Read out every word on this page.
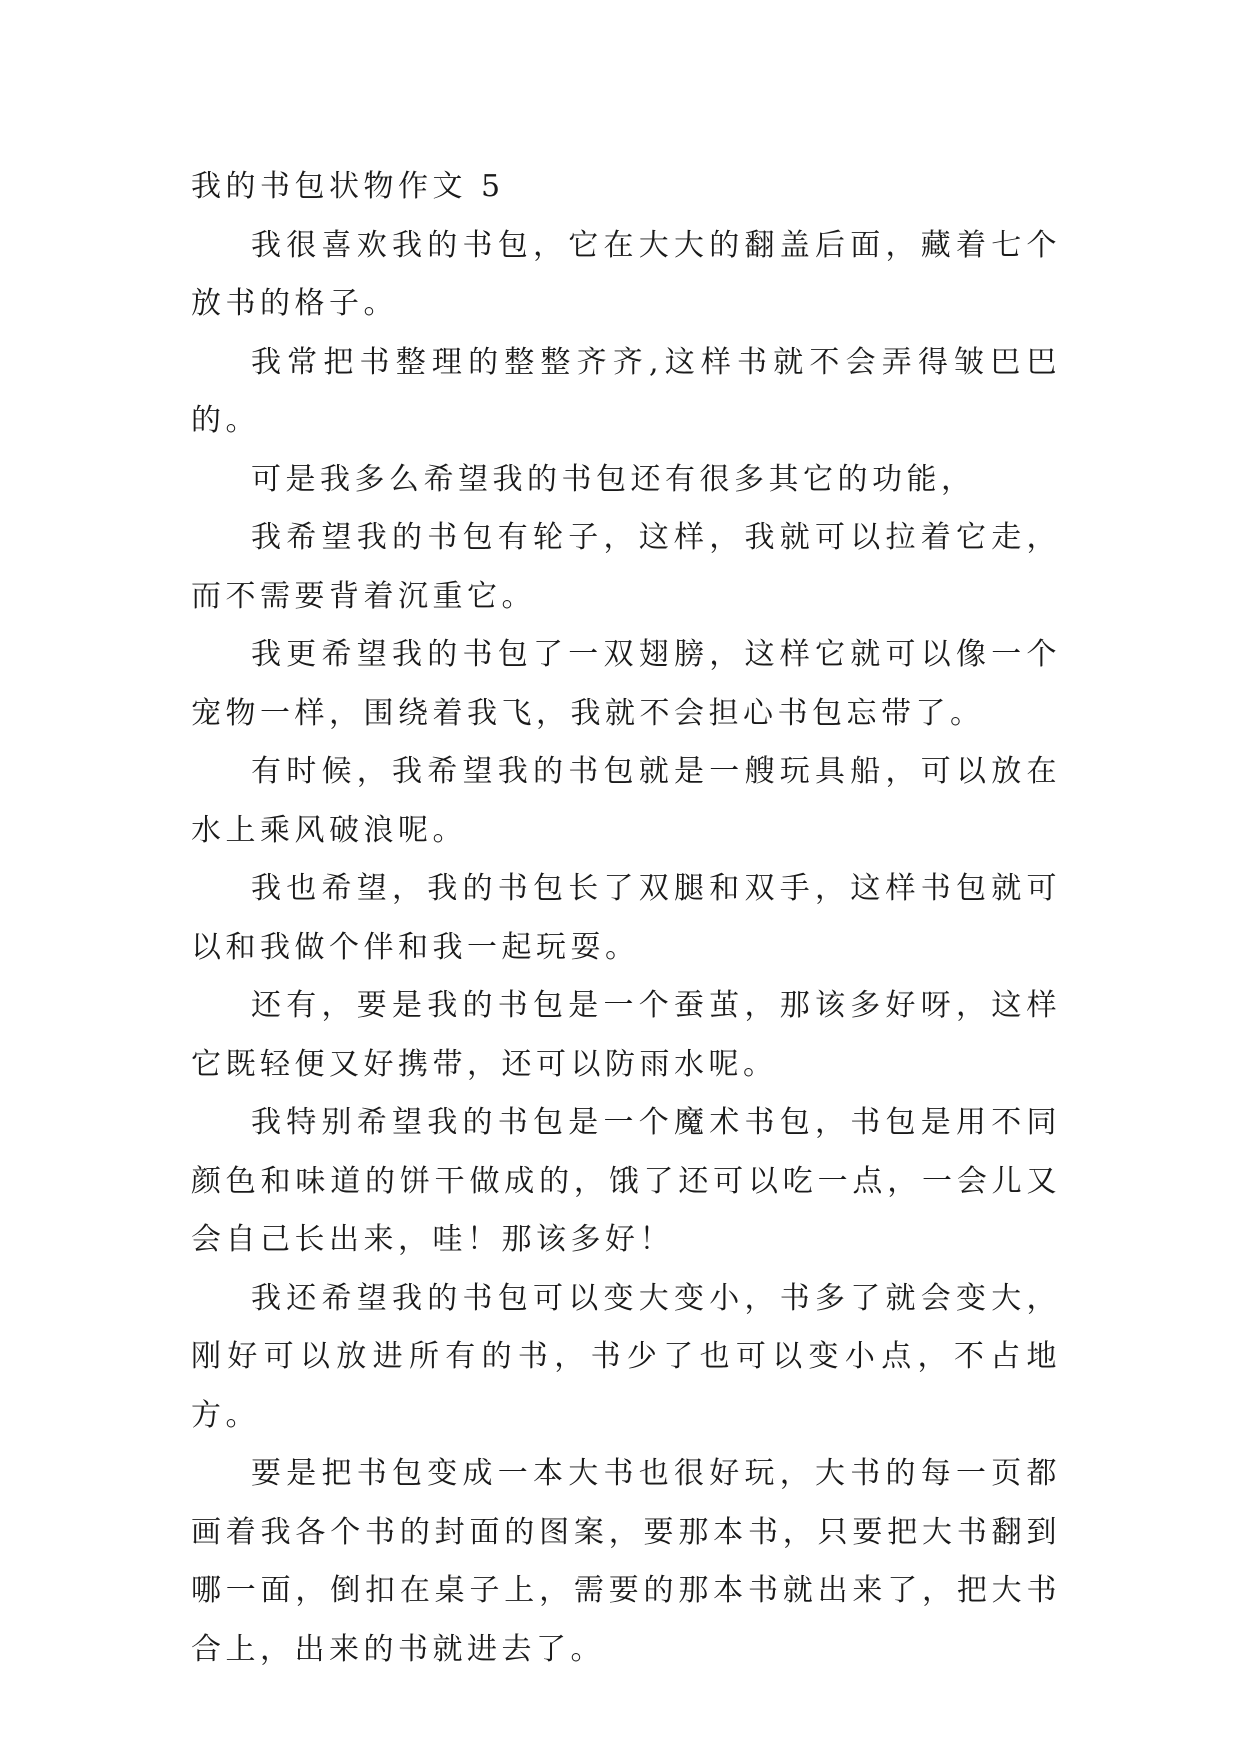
我的书包状物作文 5

我很喜欢我的书包，它在大大的翻盖后面，藏着七个放书的格子。

我常把书整理的整整齐齐,这样书就不会弄得皱巴巴的。

可是我多么希望我的书包还有很多其它的功能，

我希望我的书包有轮子，这样，我就可以拉着它走，而不需要背着沉重它。

我更希望我的书包了一双翅膀，这样它就可以像一个宠物一样，围绕着我飞，我就不会担心书包忘带了。

有时候，我希望我的书包就是一艘玩具船，可以放在水上乘风破浪呢。

我也希望，我的书包长了双腿和双手，这样书包就可以和我做个伴和我一起玩耍。

还有，要是我的书包是一个蚕茧，那该多好呀，这样它既轻便又好携带，还可以防雨水呢。

我特别希望我的书包是一个魔术书包，书包是用不同颜色和味道的饼干做成的，饿了还可以吃一点，一会儿又会自己长出来，哇！那该多好！

我还希望我的书包可以变大变小，书多了就会变大，刚好可以放进所有的书，书少了也可以变小点，不占地方。

要是把书包变成一本大书也很好玩，大书的每一页都画着我各个书的封面的图案，要那本书，只要把大书翻到哪一面，倒扣在桌子上，需要的那本书就出来了，把大书合上，出来的书就进去了。
